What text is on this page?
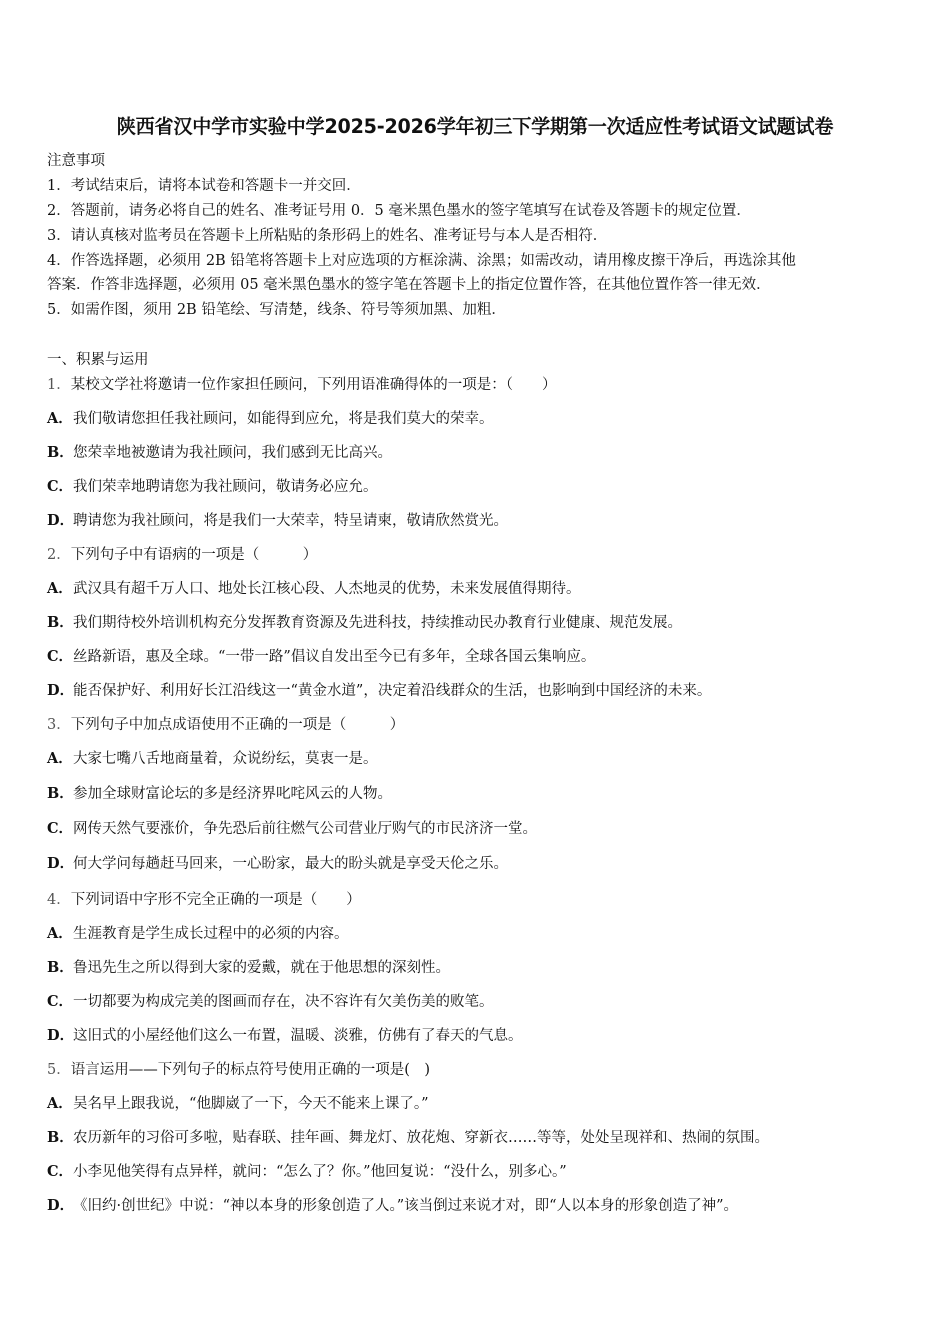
陕西省汉中学市实验中学2025-2026学年初三下学期第一次适应性考试语文试题试卷
注意事项
1．考试结束后，请将本试卷和答题卡一并交回．
2．答题前，请务必将自己的姓名、准考证号用 0．5 毫米黑色墨水的签字笔填写在试卷及答题卡的规定位置．
3．请认真核对监考员在答题卡上所粘贴的条形码上的姓名、准考证号与本人是否相符．
4．作答选择题，必须用 2B 铅笔将答题卡上对应选项的方框涂满、涂黑；如需改动，请用橡皮擦干净后，再选涂其他
答案．作答非选择题，必须用 05 毫米黑色墨水的签字笔在答题卡上的指定位置作答，在其他位置作答一律无效．
5．如需作图，须用 2B 铅笔绘、写清楚，线条、符号等须加黑、加粗．
一、积累与运用
1．某校文学社将邀请一位作家担任顾问，下列用语准确得体的一项是：（　　）
A．我们敬请您担任我社顾问，如能得到应允，将是我们莫大的荣幸。
B．您荣幸地被邀请为我社顾问，我们感到无比高兴。
C．我们荣幸地聘请您为我社顾问，敬请务必应允。
D．聘请您为我社顾问，将是我们一大荣幸，特呈请柬，敬请欣然赏光。
2．下列句子中有语病的一项是（　　　）
A．武汉具有超千万人口、地处长江核心段、人杰地灵的优势，未来发展值得期待。
B．我们期待校外培训机构充分发挥教育资源及先进科技，持续推动民办教育行业健康、规范发展。
C．丝路新语，惠及全球。“一带一路”倡议自发出至今已有多年，全球各国云集响应。
D．能否保护好、利用好长江沿线这一“黄金水道”，决定着沿线群众的生活，也影响到中国经济的未来。
3．下列句子中加点成语使用不正确的一项是（　　　）
A．大家七嘴八舌地商量着，众说纷纭，莫衷一是。
B．参加全球财富论坛的多是经济界叱咤风云的人物。
C．网传天然气要涨价，争先恐后前往燃气公司营业厅购气的市民济济一堂。
D．何大学问每趟赶马回来，一心盼家，最大的盼头就是享受天伦之乐。
4．下列词语中字形不完全正确的一项是（　　）
A．生涯教育是学生成长过程中的必须的内容。
B．鲁迅先生之所以得到大家的爱戴，就在于他思想的深刻性。
C．一切都要为构成完美的图画而存在，决不容许有欠美伤美的败笔。
D．这旧式的小屋经他们这么一布置，温暖、淡雅，仿佛有了春天的气息。
5．语言运用——下列句子的标点符号使用正确的一项是(　)
A．吴名早上跟我说，“他脚崴了一下，今天不能来上课了。”
B．农历新年的习俗可多啦，贴春联、挂年画、舞龙灯、放花炮、穿新衣……等等，处处呈现祥和、热闹的氛围。
C．小李见他笑得有点异样，就问：“怎么了？你。”他回复说：“没什么，别多心。”
D．《旧约·创世纪》中说：“神以本身的形象创造了人。”该当倒过来说才对，即“人以本身的形象创造了神”。
